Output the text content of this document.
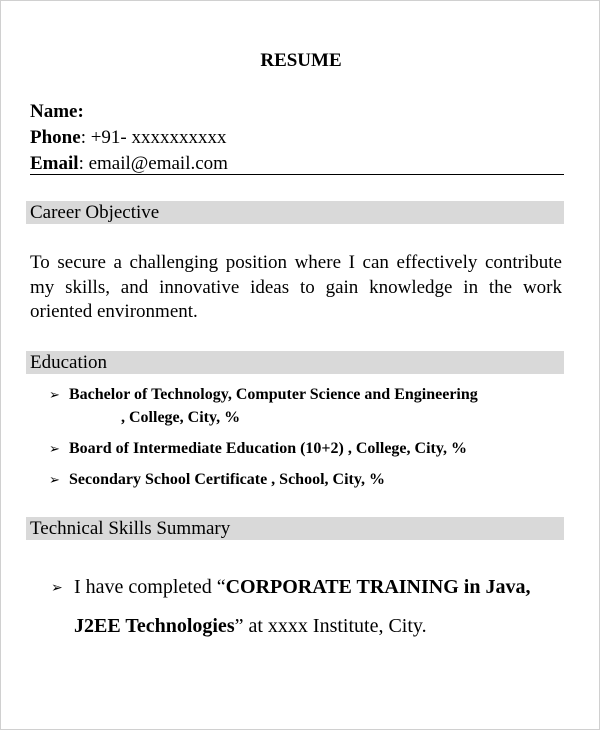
RESUME
Name:
Phone: +91- xxxxxxxxxx
Email: email@email.com
Career Objective
To secure a challenging position where I can effectively contribute my skills, and innovative ideas to gain knowledge in the work oriented environment.
Education
➢ Bachelor of Technology, Computer Science and Engineering
, College, City, %
➢ Board of Intermediate Education (10+2) , College, City, %
➢ Secondary School Certificate , School, City, %
Technical Skills Summary
➢ I have completed “CORPORATE TRAINING in Java,
J2EE Technologies” at xxxx Institute, City.
